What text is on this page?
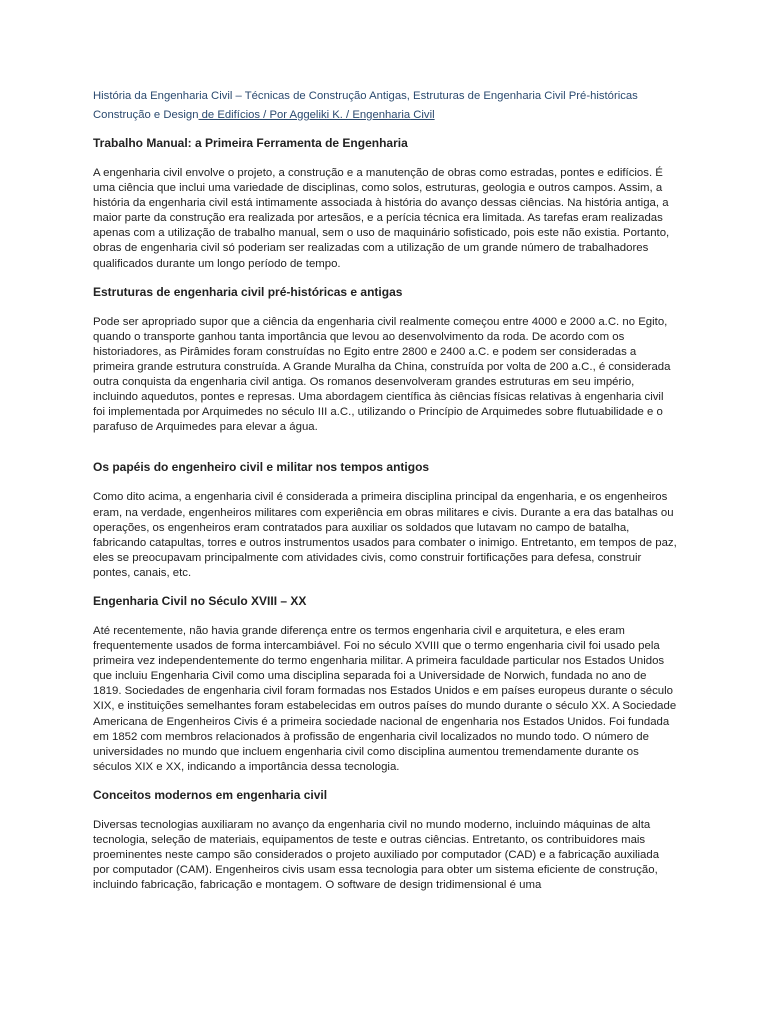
História da Engenharia Civil – Técnicas de Construção Antigas, Estruturas de Engenharia Civil Pré-históricas
Construção e Design de Edifícios / Por Aggeliki K. / Engenharia Civil
Trabalho Manual: a Primeira Ferramenta de Engenharia

A engenharia civil envolve o projeto, a construção e a manutenção de obras como estradas, pontes e edifícios. É uma ciência que inclui uma variedade de disciplinas, como solos, estruturas, geologia e outros campos. Assim, a história da engenharia civil está intimamente associada à história do avanço dessas ciências. Na história antiga, a maior parte da construção era realizada por artesãos, e a perícia técnica era limitada. As tarefas eram realizadas apenas com a utilização de trabalho manual, sem o uso de maquinário sofisticado, pois este não existia. Portanto, obras de engenharia civil só poderiam ser realizadas com a utilização de um grande número de trabalhadores qualificados durante um longo período de tempo.

Estruturas de engenharia civil pré-históricas e antigas

Pode ser apropriado supor que a ciência da engenharia civil realmente começou entre 4000 e 2000 a.C. no Egito, quando o transporte ganhou tanta importância que levou ao desenvolvimento da roda. De acordo com os historiadores, as Pirâmides foram construídas no Egito entre 2800 e 2400 a.C. e podem ser consideradas a primeira grande estrutura construída. A Grande Muralha da China, construída por volta de 200 a.C., é considerada outra conquista da engenharia civil antiga. Os romanos desenvolveram grandes estruturas em seu império, incluindo aquedutos, pontes e represas. Uma abordagem científica às ciências físicas relativas à engenharia civil foi implementada por Arquimedes no século III a.C., utilizando o Princípio de Arquimedes sobre flutuabilidade e o parafuso de Arquimedes para elevar a água.

Os papéis do engenheiro civil e militar nos tempos antigos

Como dito acima, a engenharia civil é considerada a primeira disciplina principal da engenharia, e os engenheiros eram, na verdade, engenheiros militares com experiência em obras militares e civis. Durante a era das batalhas ou operações, os engenheiros eram contratados para auxiliar os soldados que lutavam no campo de batalha, fabricando catapultas, torres e outros instrumentos usados para combater o inimigo. Entretanto, em tempos de paz, eles se preocupavam principalmente com atividades civis, como construir fortificações para defesa, construir pontes, canais, etc.

Engenharia Civil no Século XVIII – XX

Até recentemente, não havia grande diferença entre os termos engenharia civil e arquitetura, e eles eram frequentemente usados de forma intercambiável. Foi no século XVIII que o termo engenharia civil foi usado pela primeira vez independentemente do termo engenharia militar. A primeira faculdade particular nos Estados Unidos que incluiu Engenharia Civil como uma disciplina separada foi a Universidade de Norwich, fundada no ano de 1819. Sociedades de engenharia civil foram formadas nos Estados Unidos e em países europeus durante o século XIX, e instituições semelhantes foram estabelecidas em outros países do mundo durante o século XX. A Sociedade Americana de Engenheiros Civis é a primeira sociedade nacional de engenharia nos Estados Unidos. Foi fundada em 1852 com membros relacionados à profissão de engenharia civil localizados no mundo todo. O número de universidades no mundo que incluem engenharia civil como disciplina aumentou tremendamente durante os séculos XIX e XX, indicando a importância dessa tecnologia.

Conceitos modernos em engenharia civil

Diversas tecnologias auxiliaram no avanço da engenharia civil no mundo moderno, incluindo máquinas de alta tecnologia, seleção de materiais, equipamentos de teste e outras ciências. Entretanto, os contribuidores mais proeminentes neste campo são considerados o projeto auxiliado por computador (CAD) e a fabricação auxiliada por computador (CAM). Engenheiros civis usam essa tecnologia para obter um sistema eficiente de construção, incluindo fabricação, fabricação e montagem. O software de design tridimensional é uma
